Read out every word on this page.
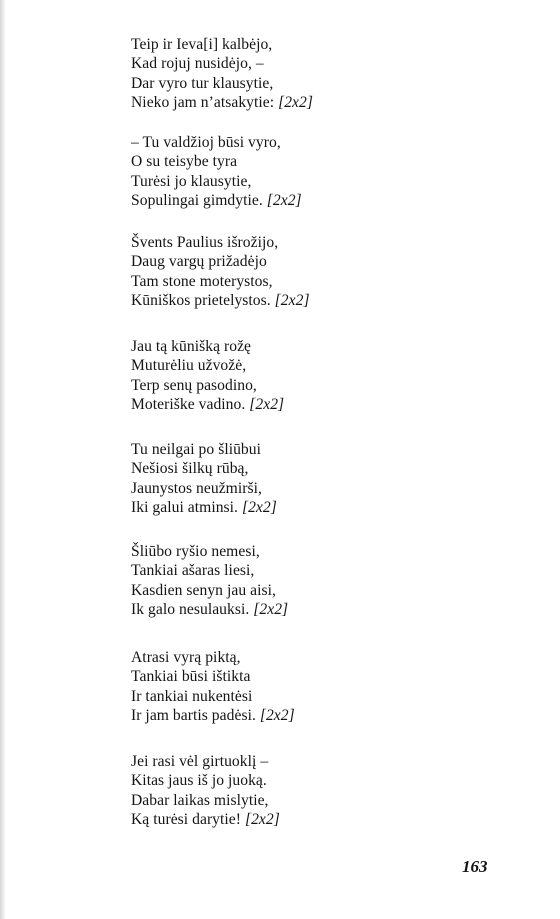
Teip ir Ieva[i] kalbėjo,
Kad rojuj nusidėjo, –
Dar vyro tur klausytie,
Nieko jam n’atsakytie: [2x2]
– Tu valdžioj būsi vyro,
O su teisybe tyra
Turėsi jo klausytie,
Sopulingai gimdytie. [2x2]
Švents Paulius išrožijo,
Daug vargų prižadėjo
Tam stone moterystos,
Kūniškos prietelystos. [2x2]
Jau tą kūnišką rožę
Muturėliu užvožė,
Terp senų pasodino,
Moteriške vadino. [2x2]
Tu neilgai po šliūbui
Nešiosi šilkų rūbą,
Jaunystos neužmirši,
Iki galui atminsi. [2x2]
Šliūbo ryšio nemesi,
Tankiai ašaras liesi,
Kasdien senyn jau aisi,
Ik galo nesulauksi. [2x2]
Atrasi vyrą piktą,
Tankiai būsi ištikta
Ir tankiai nukentėsi
Ir jam bartis padėsi. [2x2]
Jei rasi vėl girtuoklį –
Kitas jaus iš jo juoką.
Dabar laikas mislytie,
Ką turėsi darytie! [2x2]
163
